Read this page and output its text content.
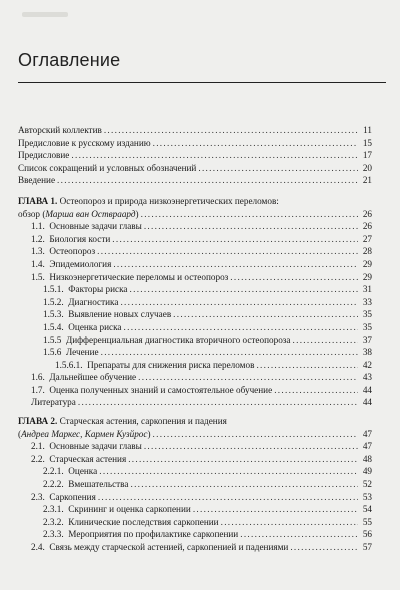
Оглавление
Авторский коллектив . . .	11
Предисловие к русскому изданию . . .	15
Предисловие . . .	17
Список сокращений и условных обозначений . . .	20
Введение . . .	21
ГЛАВА 1. Остеопороз и природа низкоэнергетических переломов:
обзор (Марша ван Оствраард) . . .	26
1.1. Основные задачи главы . . .	26
1.2. Биология кости . . .	27
1.3. Остеопороз . . .	28
1.4. Эпидемиология . . .	29
1.5. Низкоэнергетические переломы и остеопороз . . .	29
1.5.1. Факторы риска . . .	31
1.5.2. Диагностика . . .	33
1.5.3. Выявление новых случаев . . .	35
1.5.4. Оценка риска . . .	35
1.5.5 Дифференциальная диагностика вторичного остеопороза . . .	37
1.5.6 Лечение . . .	38
1.5.6.1. Препараты для снижения риска переломов . . .	42
1.6. Дальнейшее обучение . . .	43
1.7. Оценка полученных знаний и самостоятельное обучение . . .	44
Литература . . .	44
ГЛАВА 2. Старческая астения, саркопения и падения
(Андреа Маркес, Кармен Кузйрос) . . .	47
2.1. Основные задачи главы . . .	47
2.2. Старческая астения . . .	48
2.2.1. Оценка . . .	49
2.2.2. Вмешательства . . .	52
2.3. Саркопения . . .	53
2.3.1. Скрининг и оценка саркопении . . .	54
2.3.2. Клинические последствия саркопении . . .	55
2.3.3. Мероприятия по профилактике саркопении . . .	56
2.4. Связь между старческой астенией, саркопенией и падениями . . .	57
